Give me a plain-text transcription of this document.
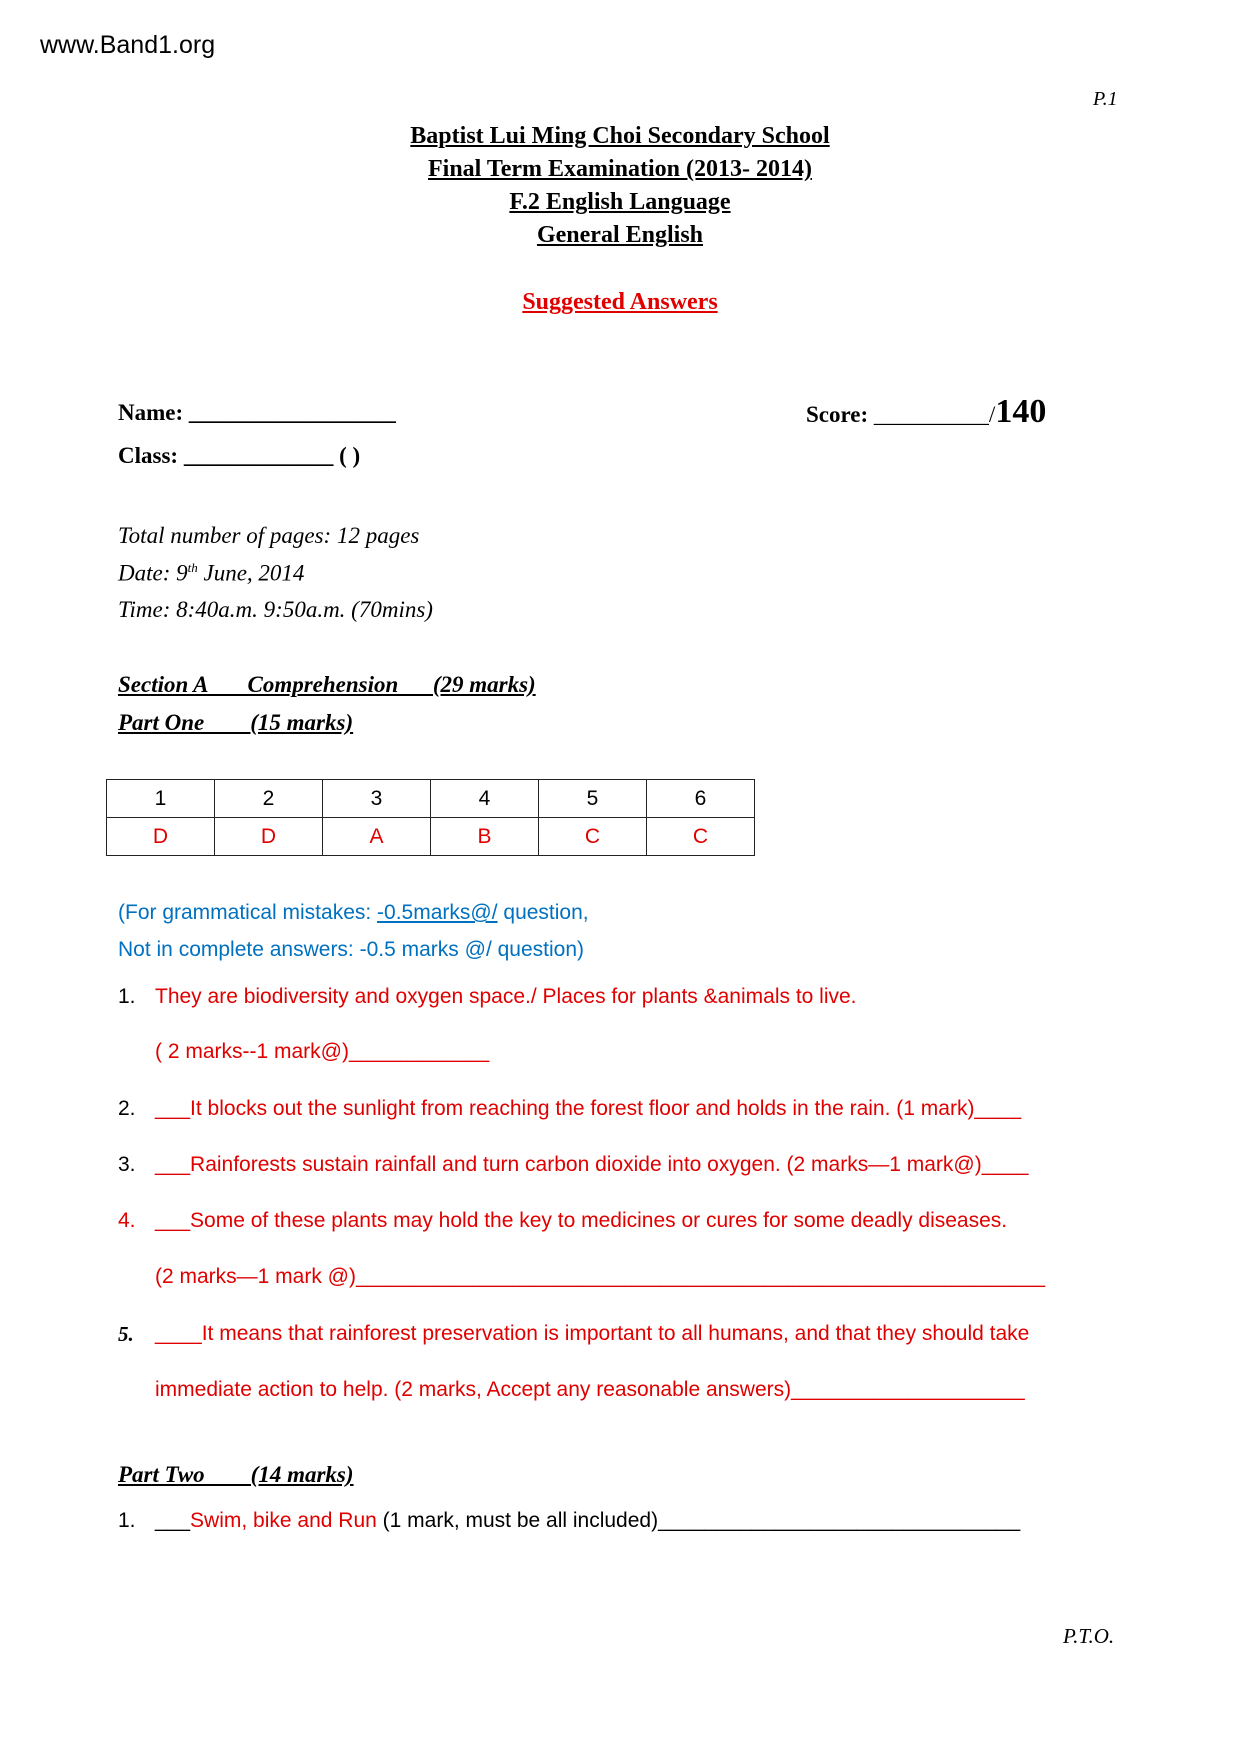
www.Band1.org
P.1
Baptist Lui Ming Choi Secondary School
Final Term Examination (2013- 2014)
F.2 English Language
General English
Suggested Answers
Name: __________________	Score: __________/140
Class: _____________ ( )
Total number of pages: 12 pages
Date: 9th June, 2014
Time: 8:40a.m. 9:50a.m. (70mins)
Section A       Comprehension      (29 marks)
Part One        (15 marks)
1	2	3	4	5	6
D	D	A	B	C	C
(For grammatical mistakes: -0.5marks@/ question,
Not in complete answers: -0.5 marks @/ question)
1. They are biodiversity and oxygen space./ Places for plants &animals to live.
( 2 marks--1 mark@)____________
2. ___It blocks out the sunlight from reaching the forest floor and holds in the rain. (1 mark)____
3. ___Rainforests sustain rainfall and turn carbon dioxide into oxygen. (2 marks—1 mark@)____
4. ___Some of these plants may hold the key to medicines or cures for some deadly diseases.
(2 marks—1 mark @)___________________________________________________________
5. ____It means that rainforest preservation is important to all humans, and that they should take
immediate action to help. (2 marks, Accept any reasonable answers)____________________
Part Two        (14 marks)
1. ___Swim, bike and Run (1 mark, must be all included)_______________________________
P.T.O.
